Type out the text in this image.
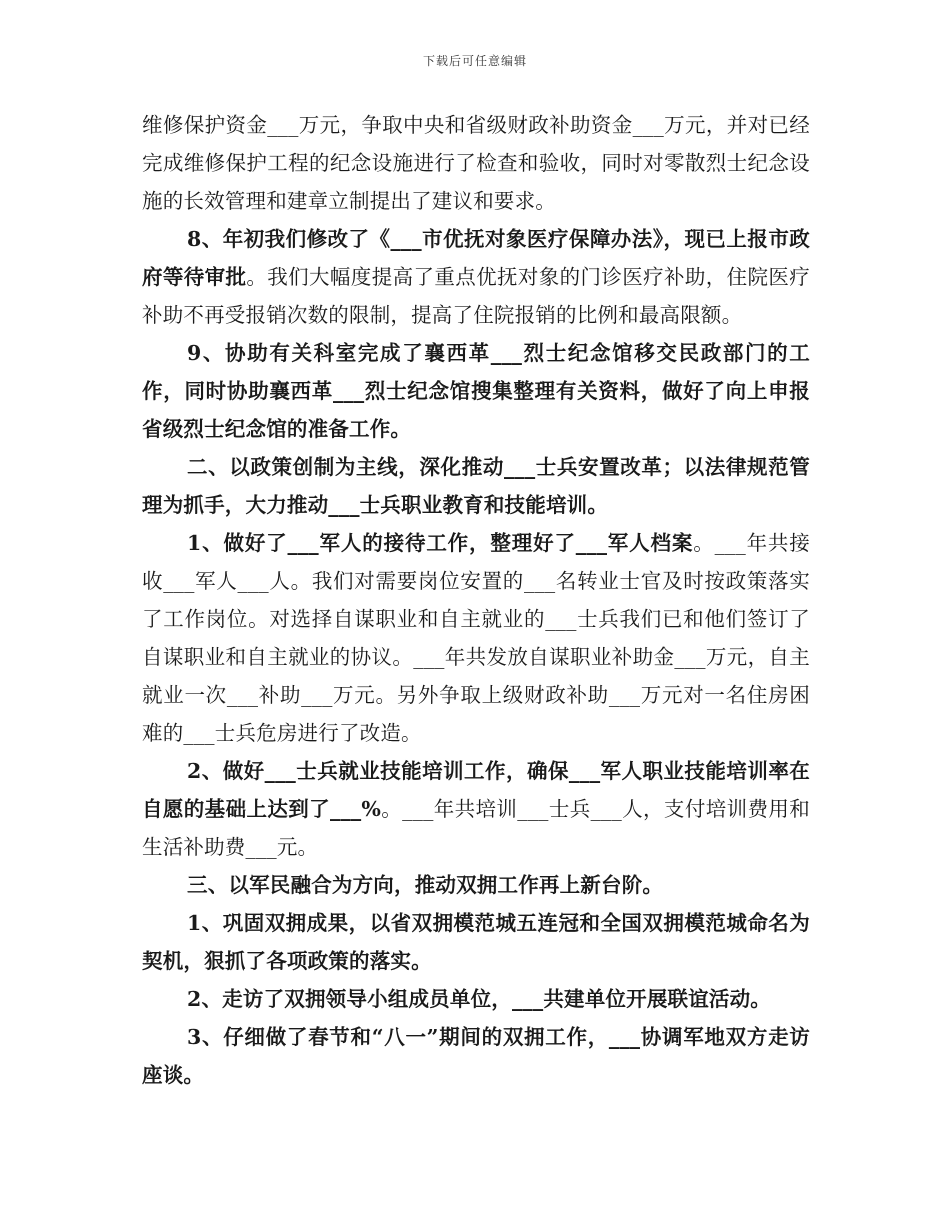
下载后可任意编辑

维修保护资金___万元，争取中央和省级财政补助资金___万元，并对已经完成维修保护工程的纪念设施进行了检查和验收，同时对零散烈士纪念设施的长效管理和建章立制提出了建议和要求。

8、年初我们修改了《___市优抚对象医疗保障办法》，现已上报市政府等待审批。我们大幅度提高了重点优抚对象的门诊医疗补助，住院医疗补助不再受报销次数的限制，提高了住院报销的比例和最高限额。

9、协助有关科室完成了襄西革___烈士纪念馆移交民政部门的工作，同时协助襄西革___烈士纪念馆搜集整理有关资料，做好了向上申报省级烈士纪念馆的准备工作。

二、以政策创制为主线，深化推动___士兵安置改革；以法律规范管理为抓手，大力推动___士兵职业教育和技能培训。

1、做好了___军人的接待工作，整理好了___军人档案。___年共接收___军人___人。我们对需要岗位安置的___名转业士官及时按政策落实了工作岗位。对选择自谋职业和自主就业的___士兵我们已和他们签订了自谋职业和自主就业的协议。___年共发放自谋职业补助金___万元，自主就业一次___补助___万元。另外争取上级财政补助___万元对一名住房困难的___士兵危房进行了改造。

2、做好___士兵就业技能培训工作，确保___军人职业技能培训率在自愿的基础上达到了___%。___年共培训___士兵___人，支付培训费用和生活补助费___元。

三、以军民融合为方向，推动双拥工作再上新台阶。

1、巩固双拥成果，以省双拥模范城五连冠和全国双拥模范城命名为契机，狠抓了各项政策的落实。

2、走访了双拥领导小组成员单位，___共建单位开展联谊活动。

3、仔细做了春节和“八一”期间的双拥工作，___协调军地双方走访座谈。
